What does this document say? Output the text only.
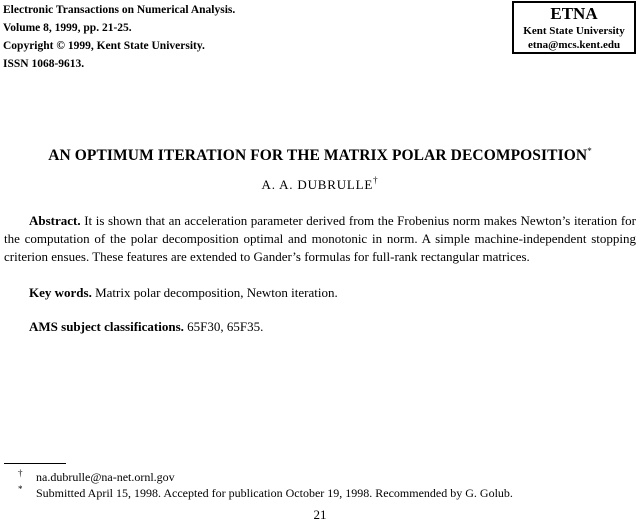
Electronic Transactions on Numerical Analysis.
Volume 8, 1999, pp. 21-25.
Copyright © 1999, Kent State University.
ISSN 1068-9613.
ETNA
Kent State University
etna@mcs.kent.edu
AN OPTIMUM ITERATION FOR THE MATRIX POLAR DECOMPOSITION*
A. A. DUBRULLE†

Abstract. It is shown that an acceleration parameter derived from the Frobenius norm makes Newton’s iteration for the computation of the polar decomposition optimal and monotonic in norm. A simple machine-independent stopping criterion ensues. These features are extended to Gander’s formulas for full-rank rectangular matrices.

Key words. Matrix polar decomposition, Newton iteration.

AMS subject classifications. 65F30, 65F35.

† na.dubrulle@na-net.ornl.gov
* Submitted April 15, 1998. Accepted for publication October 19, 1998. Recommended by G. Golub.
21
